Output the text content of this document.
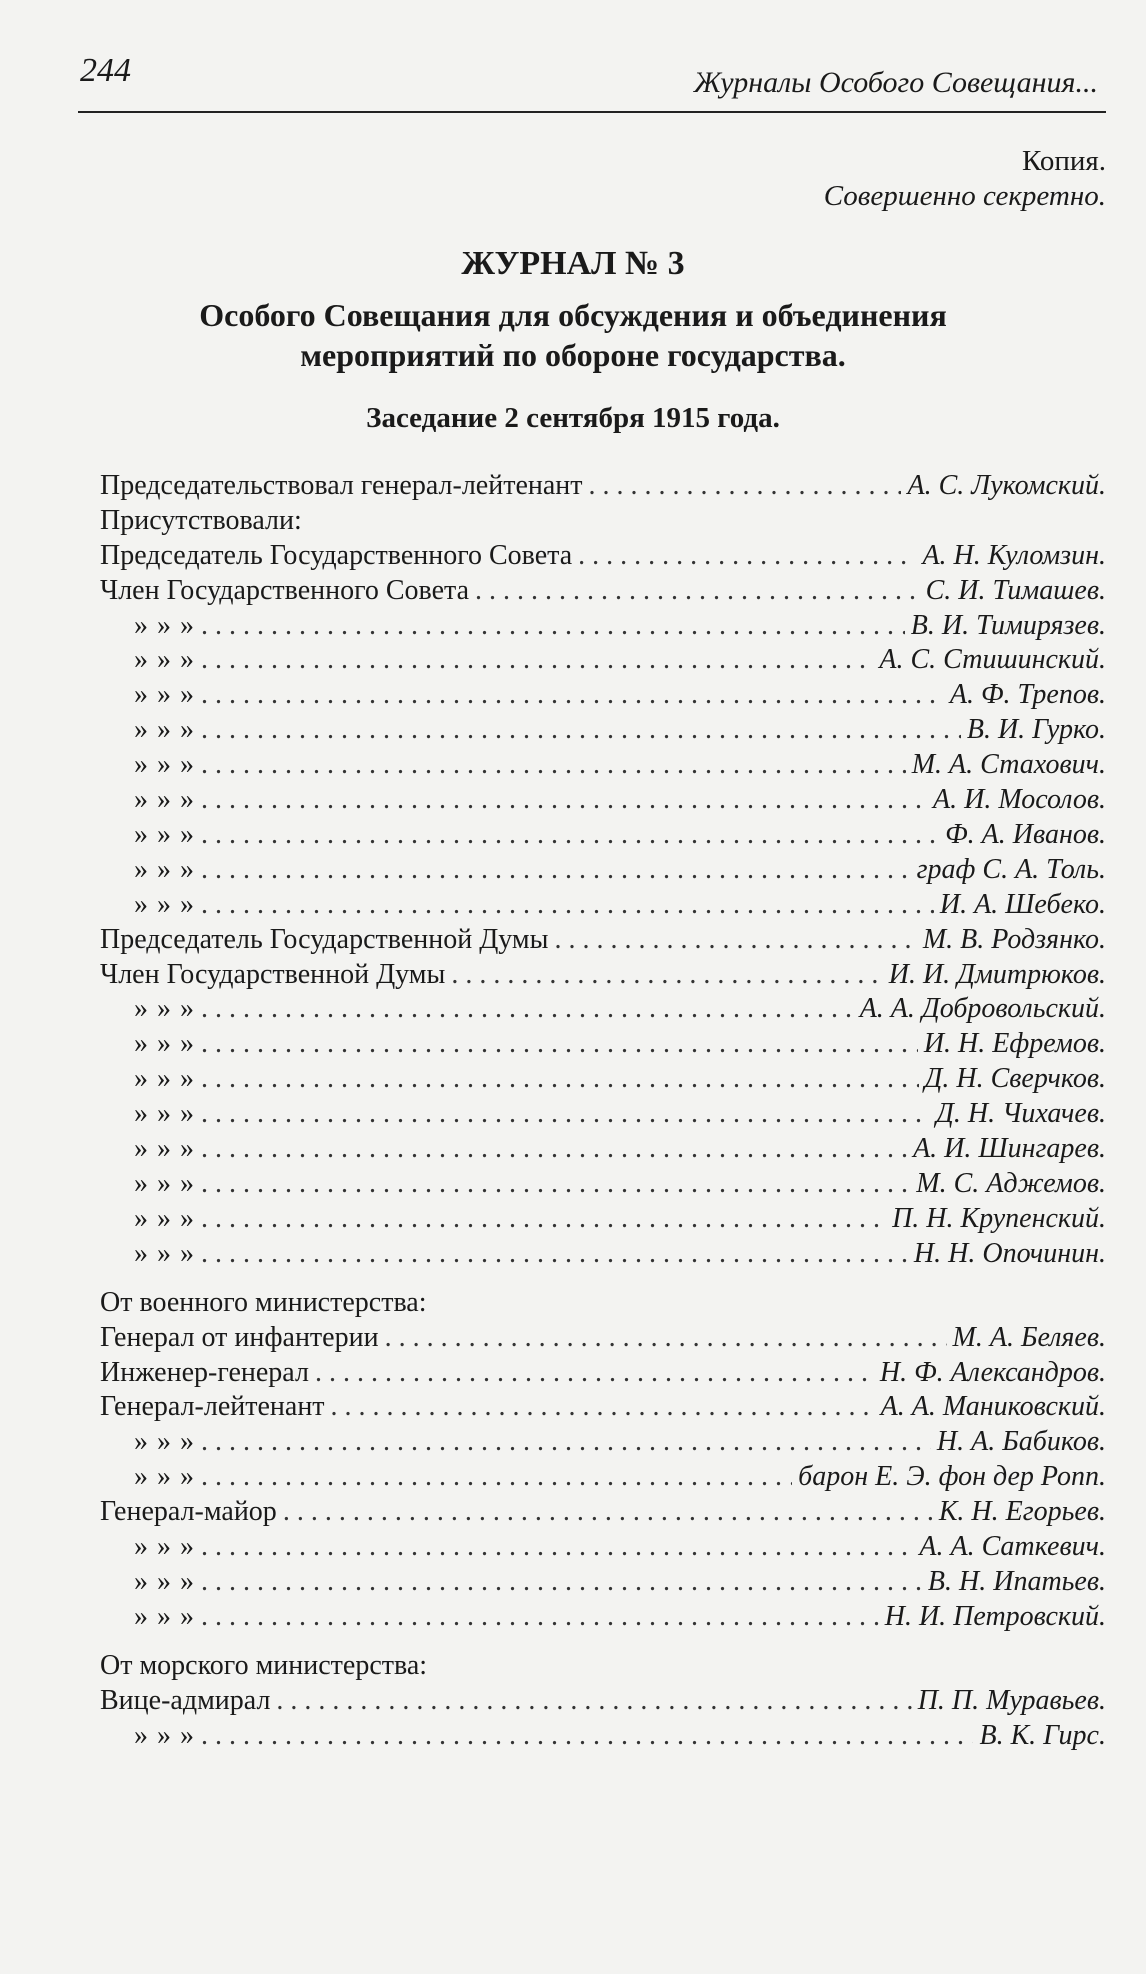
244	Журналы Особого Совещания...
Копия.
Совершенно секретно.
ЖУРНАЛ № 3
Особого Совещания для обсуждения и объединения
мероприятий по обороне государства.
Заседание 2 сентября 1915 года.
Председательствовал генерал-лейтенант . . .	А. С. Лукомский.
Присутствовали:
Председатель Государственного Совета . . .	А. Н. Куломзин.
Член Государственного Совета . . .	С. И. Тимашев.
» » » . . .	В. И. Тимирязев.
» » » . . .	А. С. Стишинский.
» » » . . .	А. Ф. Трепов.
» » » . . .	В. И. Гурко.
» » » . . .	М. А. Стахович.
» » » . . .	А. И. Мосолов.
» » » . . .	Ф. А. Иванов.
» » » . . .	граф С. А. Толь.
» » » . . .	И. А. Шебеко.
Председатель Государственной Думы . . .	М. В. Родзянко.
Член Государственной Думы . . .	И. И. Дмитрюков.
» » » . . .	А. А. Добровольский.
» » » . . .	И. Н. Ефремов.
» » » . . .	Д. Н. Сверчков.
» » » . . .	Д. Н. Чихачев.
» » » . . .	А. И. Шингарев.
» » » . . .	М. С. Аджемов.
» » » . . .	П. Н. Крупенский.
» » » . . .	Н. Н. Опочинин.
От военного министерства:
Генерал от инфантерии . . .	М. А. Беляев.
Инженер-генерал . . .	Н. Ф. Александров.
Генерал-лейтенант . . .	А. А. Маниковский.
» » » . . .	Н. А. Бабиков.
» » » . . .	барон Е. Э. фон дер Ропп.
Генерал-майор . . .	К. Н. Егорьев.
» » » . . .	А. А. Саткевич.
» » » . . .	В. Н. Ипатьев.
» » » . . .	Н. И. Петровский.
От морского министерства:
Вице-адмирал . . .	П. П. Муравьев.
» » » . . .	В. К. Гирс.
